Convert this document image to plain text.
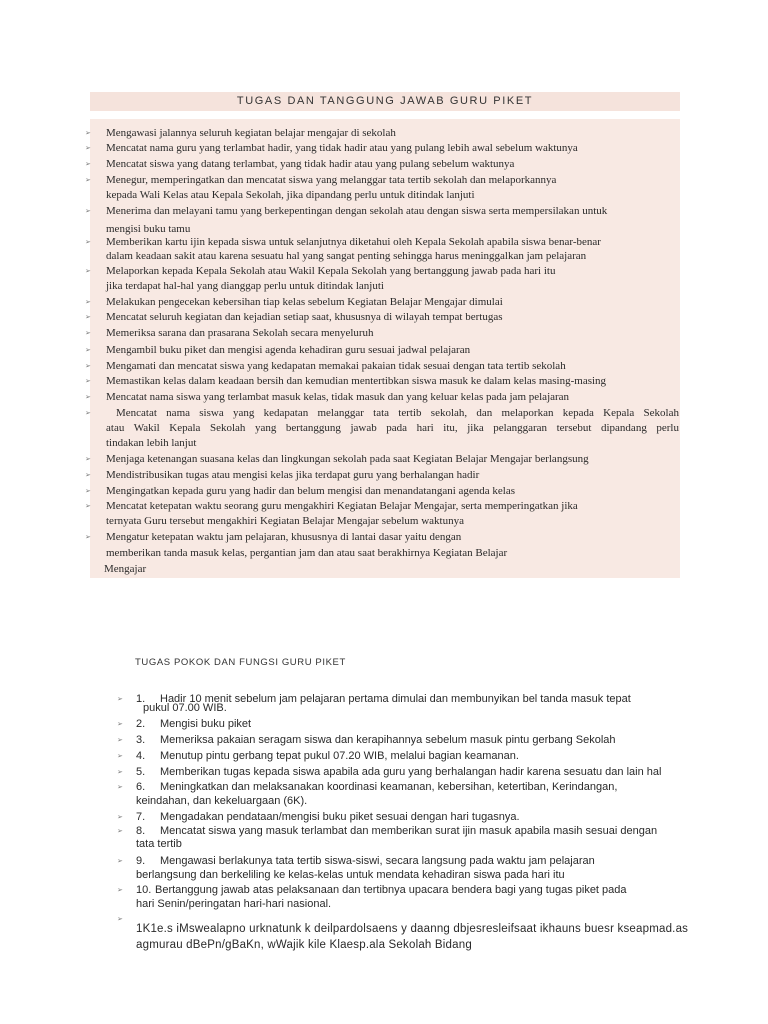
TUGAS DAN TANGGUNG JAWAB GURU PIKET
➢ Mengawasi jalannya seluruh kegiatan belajar mengajar di sekolah
➢ Mencatat nama guru yang terlambat hadir, yang tidak hadir atau yang pulang lebih awal sebelum waktunya
➢ Mencatat siswa yang datang terlambat, yang tidak hadir atau yang pulang sebelum waktunya
➢ Menegur, memperingatkan dan mencatat siswa yang melanggar tata tertib sekolah dan melaporkannya
kepada Wali Kelas atau Kepala Sekolah, jika dipandang perlu untuk ditindak lanjuti
➢ Menerima dan melayani tamu yang berkepentingan dengan sekolah atau dengan siswa serta mempersilakan untuk
mengisi buku tamu
➢ Memberikan kartu ijin kepada siswa untuk selanjutnya diketahui oleh Kepala Sekolah apabila siswa benar-benar
dalam keadaan sakit atau karena sesuatu hal yang sangat penting sehingga harus meninggalkan jam pelajaran
➢ Melaporkan kepada Kepala Sekolah atau Wakil Kepala Sekolah yang bertanggung jawab pada hari itu
jika terdapat hal-hal yang dianggap perlu untuk ditindak lanjuti
➢ Melakukan pengecekan kebersihan tiap kelas sebelum Kegiatan Belajar Mengajar dimulai
➢ Mencatat seluruh kegiatan dan kejadian setiap saat, khususnya di wilayah tempat bertugas
➢ Memeriksa sarana dan prasarana Sekolah secara menyeluruh
➢ Mengambil buku piket dan mengisi agenda kehadiran guru sesuai jadwal pelajaran
➢ Mengamati dan mencatat siswa yang kedapatan memakai pakaian tidak sesuai dengan tata tertib sekolah
➢ Memastikan kelas dalam keadaan bersih dan kemudian mentertibkan siswa masuk ke dalam kelas masing-masing
➢ Mencatat nama siswa yang terlambat masuk kelas, tidak masuk dan yang keluar kelas pada jam pelajaran
➢	Mencatat nama siswa yang kedapatan melanggar tata tertib sekolah, dan melaporkan kepada Kepala Sekolah
atau Wakil Kepala Sekolah yang bertanggung jawab pada hari itu, jika pelanggaran tersebut dipandang perlu
tindakan lebih lanjut
➢ Menjaga ketenangan suasana kelas dan lingkungan sekolah pada saat Kegiatan Belajar Mengajar berlangsung
➢ Mendistribusikan tugas atau mengisi kelas jika terdapat guru yang berhalangan hadir
➢ Mengingatkan kepada guru yang hadir dan belum mengisi dan menandatangani agenda kelas
➢ Mencatat ketepatan waktu seorang guru mengakhiri Kegiatan Belajar Mengajar, serta memperingatkan jika
ternyata Guru tersebut mengakhiri Kegiatan Belajar Mengajar sebelum waktunya
➢ Mengatur ketepatan waktu jam pelajaran, khususnya di lantai dasar yaitu dengan
memberikan tanda masuk kelas, pergantian jam dan atau saat berakhirnya Kegiatan Belajar
Mengajar
TUGAS POKOK DAN FUNGSI GURU PIKET
➢ 1. Hadir 10 menit sebelum jam pelajaran pertama dimulai dan membunyikan bel tanda masuk tepat
pukul 07.00 WIB.
➢ 2. Mengisi buku piket
➢ 3. Memeriksa pakaian seragam siswa dan kerapihannya sebelum masuk pintu gerbang Sekolah
➢ 4. Menutup pintu gerbang tepat pukul 07.20 WIB, melalui bagian keamanan.
➢ 5. Memberikan tugas kepada siswa apabila ada guru yang berhalangan hadir karena sesuatu dan lain hal
➢ 6. Meningkatkan dan melaksanakan koordinasi keamanan, kebersihan, ketertiban, Kerindangan,
keindahan, dan kekeluargaan (6K).
➢ 7. Mengadakan pendataan/mengisi buku piket sesuai dengan hari tugasnya.
➢ 8. Mencatat siswa yang masuk terlambat dan memberikan surat ijin masuk apabila masih sesuai dengan
tata tertib
➢ 9. Mengawasi berlakunya tata tertib siswa-siswi, secara langsung pada waktu jam pelajaran
berlangsung dan berkeliling ke kelas-kelas untuk mendata kehadiran siswa pada hari itu
➢ 10. Bertanggung jawab atas pelaksanaan dan tertibnya upacara bendera bagi yang tugas piket pada
hari Senin/peringatan hari-hari nasional.
➢
1K1e.s iMswealapno urknatunk k deilpardolsaens y daanng dbjesresleifsaat ikhauns buesr kseapmad.as
agmurau dBePn/gBaKn, wWajik kile Klaesp.ala Sekolah Bidang
